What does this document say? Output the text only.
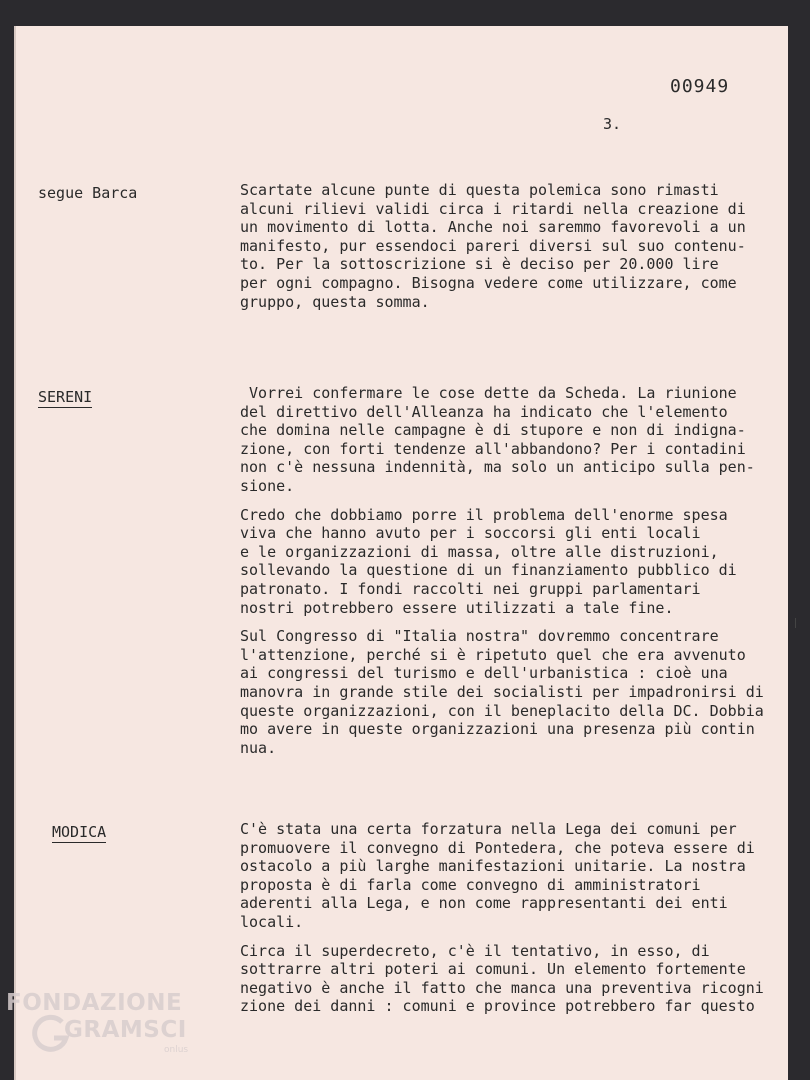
00949
3.
segue Barca	Scartate alcune punte di questa polemica sono rimasti
alcuni rilievi validi circa i ritardi nella creazione di
un movimento di lotta. Anche noi saremmo favorevoli a un
manifesto, pur essendoci pareri diversi sul suo contenu-
to. Per la sottoscrizione si è deciso per 20.000 lire
per ogni compagno. Bisogna vedere come utilizzare, come
gruppo, questa somma.
SERENI	Vorrei confermare le cose dette da Scheda. La riunione
del direttivo dell'Alleanza ha indicato che l'elemento
che domina nelle campagne è di stupore e non di indigna-
zione, con forti tendenze all'abbandono? Per i contadini
non c'è nessuna indennità, ma solo un anticipo sulla pen-
sione.
Credo che dobbiamo porre il problema dell'enorme spesa
viva che hanno avuto per i soccorsi gli enti locali
e le organizzazioni di massa, oltre alle distruzioni,
sollevando la questione di un finanziamento pubblico di
patronato. I fondi raccolti nei gruppi parlamentari
nostri potrebbero essere utilizzati a tale fine.
Sul Congresso di "Italia nostra" dovremmo concentrare
l'attenzione, perché si è ripetuto quel che era avvenuto
ai congressi del turismo e dell'urbanistica : cioè una
manovra in grande stile dei socialisti per impadronirsi di
queste organizzazioni, con il beneplacito della DC. Dobbia
mo avere in queste organizzazioni una presenza più contin
nua.
MODICA	C'è stata una certa forzatura nella Lega dei comuni per
promuovere il convegno di Pontedera, che poteva essere di
ostacolo a più larghe manifestazioni unitarie. La nostra
proposta è di farla come convegno di amministratori
aderenti alla Lega, e non come rappresentanti dei enti
locali.
Circa il superdecreto, c'è il tentativo, in esso, di
sottrarre altri poteri ai comuni. Un elemento fortemente
negativo è anche il fatto che manca una preventiva ricogni
zione dei danni : comuni e province potrebbero far questo
FONDAZIONE
GRAMSCI
onlus
